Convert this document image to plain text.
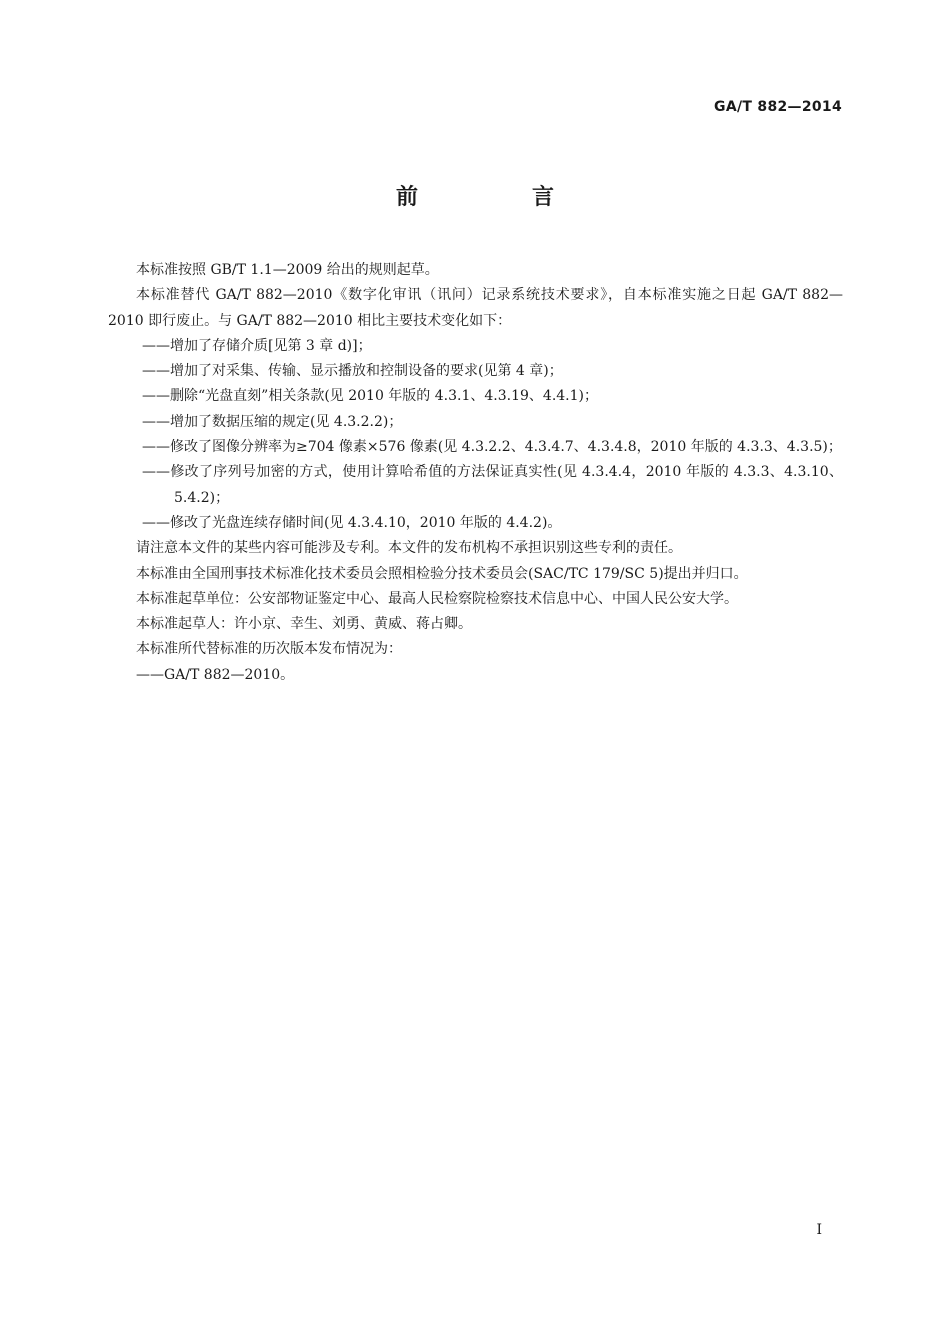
GA/T 882—2014
前　言

本标准按照 GB/T 1.1—2009 给出的规则起草。

本标准替代 GA/T 882—2010《数字化审讯（讯问）记录系统技术要求》，自本标准实施之日起 GA/T 882—2010 即行废止。与 GA/T 882—2010 相比主要技术变化如下：

——增加了存储介质[见第 3 章 d)]；

——增加了对采集、传输、显示播放和控制设备的要求(见第 4 章)；

——删除“光盘直刻”相关条款(见 2010 年版的 4.3.1、4.3.19、4.4.1)；

——增加了数据压缩的规定(见 4.3.2.2)；

——修改了图像分辨率为≥704 像素×576 像素(见 4.3.2.2、4.3.4.7、4.3.4.8，2010 年版的 4.3.3、4.3.5)；

——修改了序列号加密的方式，使用计算哈希值的方法保证真实性(见 4.3.4.4，2010 年版的 4.3.3、4.3.10、5.4.2)；

——修改了光盘连续存储时间(见 4.3.4.10，2010 年版的 4.4.2)。

请注意本文件的某些内容可能涉及专利。本文件的发布机构不承担识别这些专利的责任。

本标准由全国刑事技术标准化技术委员会照相检验分技术委员会(SAC/TC 179/SC 5)提出并归口。

本标准起草单位：公安部物证鉴定中心、最高人民检察院检察技术信息中心、中国人民公安大学。

本标准起草人：许小京、幸生、刘勇、黄威、蒋占卿。

本标准所代替标准的历次版本发布情况为：

——GA/T 882—2010。

I
